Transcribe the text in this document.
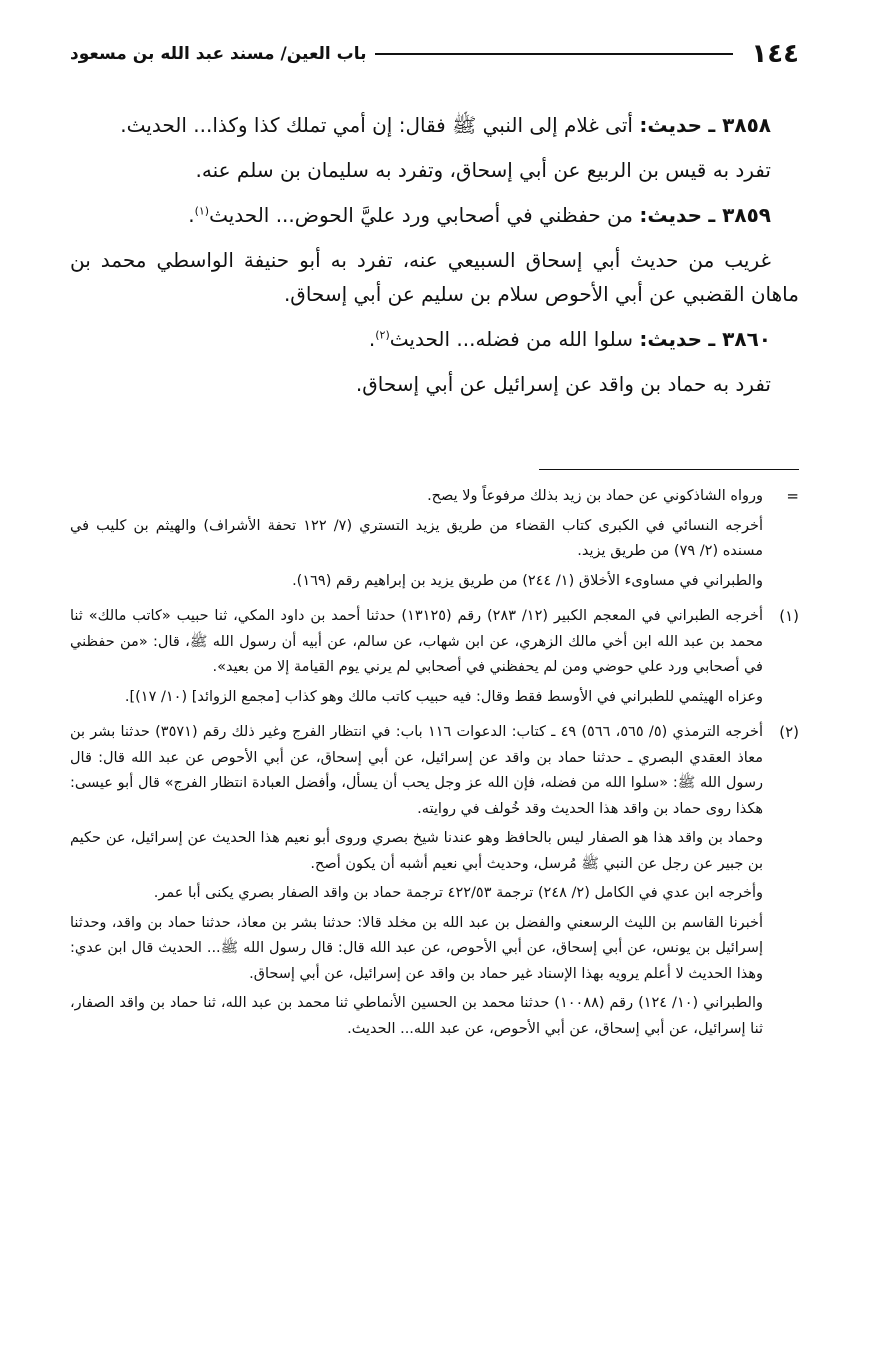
١٤٤
باب العين/ مسند عبد الله بن مسعود

٣٨٥٨ ـ حديث: أتى غلام إلى النبي ﷺ فقال: إن أمي تملك كذا وكذا... الحديث.

تفرد به قيس بن الربيع عن أبي إسحاق، وتفرد به سليمان بن سلم عنه.

٣٨٥٩ ـ حديث: من حفظني في أصحابي ورد عليَّ الحوض... الحديث$^{(١)}$.

غريب من حديث أبي إسحاق السبيعي عنه، تفرد به أبو حنيفة الواسطي محمد بن ماهان القضبي عن أبي الأحوص سلام بن سليم عن أبي إسحاق.

٣٨٦٠ ـ حديث: سلوا الله من فضله... الحديث$^{(٢)}$.

تفرد به حماد بن واقد عن إسرائيل عن أبي إسحاق.

=

ورواه الشاذكوني عن حماد بن زيد بذلك مرفوعاً ولا يصح.

أخرجه النسائي في الكبرى كتاب القضاء من طريق يزيد التستري (٧/ ١٢٢ تحفة الأشراف) والهيثم بن كليب في مسنده (٢/ ٧٩) من طريق يزيد.

والطبراني في مساوىء الأخلاق (١/ ٢٤٤) من طريق يزيد بن إبراهيم رقم (١٦٩).

(١)

أخرجه الطبراني في المعجم الكبير (١٢/ ٢٨٣) رقم (١٣١٢٥) حدثنا أحمد بن داود المكي، ثنا حبيب «كاتب مالك» ثنا محمد بن عبد الله ابن أخي مالك الزهري، عن ابن شهاب، عن سالم، عن أبيه أن رسول الله ﷺ، قال: «من حفظني في أصحابي ورد علي حوضي ومن لم يحفظني في أصحابي لم يرني يوم القيامة إلا من بعيد».

وعزاه الهيثمي للطبراني في الأوسط فقط وقال: فيه حبيب كاتب مالك وهو كذاب [مجمع الزوائد] (١٠/ ١٧)].

(٢)

أخرجه الترمذي (٥/ ٥٦٥، ٥٦٦) ٤٩ ـ كتاب: الدعوات ١١٦ باب: في انتظار الفرج وغير ذلك رقم (٣٥٧١) حدثنا بشر بن معاذ العقدي البصري ـ حدثنا حماد بن واقد عن إسرائيل، عن أبي إسحاق، عن أبي الأحوص عن عبد الله قال: قال رسول الله ﷺ: «سلوا الله من فضله، فإن الله عز وجل يحب أن يسأل، وأفضل العبادة انتظار الفرج» قال أبو عيسى: هكذا روى حماد بن واقد هذا الحديث وقد خُولف في روايته.

وحماد بن واقد هذا هو الصفار ليس بالحافظ وهو عندنا شيخ بصري وروى أبو نعيم هذا الحديث عن إسرائيل، عن حكيم بن جبير عن رجل عن النبي ﷺ مُرسل، وحديث أبي نعيم أشبه أن يكون أصح.

وأخرجه ابن عدي في الكامل (٢/ ٢٤٨) ترجمة ٤٢٢/٥٣ ترجمة حماد بن واقد الصفار بصري يكنى أبا عمر.

أخبرنا القاسم بن الليث الرسعني والفضل بن عبد الله بن مخلد قالا: حدثنا بشر بن معاذ، حدثنا حماد بن واقد، وحدثنا إسرائيل بن يونس، عن أبي إسحاق، عن أبي الأحوص، عن عبد الله قال: قال رسول الله ﷺ... الحديث قال ابن عدي: وهذا الحديث لا أعلم يرويه بهذا الإسناد غير حماد بن واقد عن إسرائيل، عن أبي إسحاق.

والطبراني (١٠/ ١٢٤) رقم (١٠٠٨٨) حدثنا محمد بن الحسين الأنماطي ثنا محمد بن عبد الله، ثنا حماد بن واقد الصفار، ثنا إسرائيل، عن أبي إسحاق، عن أبي الأحوص، عن عبد الله... الحديث.
